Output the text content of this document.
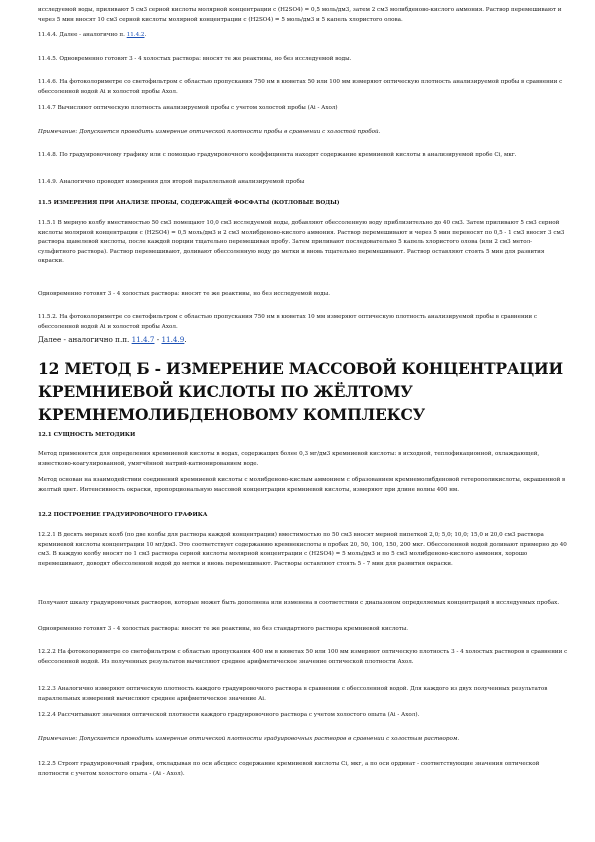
исследуемой воды, приливают 5 см3 серной кислоты молярной концентрации с (H2SO4) = 0,5 моль/дм3, затем 2 см3 молибденово-кислого аммония. Раствор перемешивают и через 5 мин вносят 10 см3 серной кислоты молярной концентрации с (H2SO4) = 5 моль/дм3 и 5 капель хлористого олова.

11.4.4. Далее - аналогично п. 11.4.2.

11.4.5. Одновременно готовят 3 - 4 холостых раствора: вносят те же реактивы, но без исследуемой воды.

11.4.6. На фотоколориметре со светофильтром с областью пропускания 750 нм в кюветах 50 или 100 мм измеряют оптическую плотность анализируемой пробы в сравнении с обессоленной водой Ai и холостой пробы Ахол.

11.4.7 Вычисляют оптическую плотность анализируемой пробы с учетом холостой пробы (Ai - Ахол)

Примечание: Допускается проводить измерение оптической плотности пробы в сравнении с холостой пробой.

11.4.8. По градуировочному графику или с помощью градуировочного коэффициента находят содержание кремниевой кислоты в анализируемой пробе Ci, мкг.

11.4.9. Аналогично проводят измерения для второй параллельной анализируемой пробы

11.5 ИЗМЕРЕНИЯ ПРИ АНАЛИЗЕ ПРОБЫ, СОДЕРЖАЩЕЙ ФОСФАТЫ (КОТЛОВЫЕ ВОДЫ)

11.5.1 В мерную колбу вместимостью 50 см3 помещают 10,0 см3 исследуемой воды, добавляют обессоленную воду приблизительно до 40 см3. Затем приливают 5 см3 серной кислоты молярной концентрации с (H2SO4) = 0,5 моль/дм3 и 2 см3 молибденово-кислого аммония. Раствор перемешивают и через 5 мин переносят по 0,5 - 1 см3 вносят 3 см3 раствора щавелевой кислоты, после каждой порции тщательно перемешивая пробу. Затем приливают последовательно 5 капель хлористого олова (или 2 см3 метол-сульфитного раствора). Раствор перемешивают, доливают обессоленную воду до метки и вновь тщательно перемешивают. Раствор оставляют стоять 5 мин для развития окраски.

Одновременно готовят 3 - 4 холостых раствора: вносят те же реактивы, но без исследуемой воды.

11.5.2. На фотоколориметре со светофильтром с областью пропускания 750 нм в кюветах 10 мм измеряют оптическую плотность анализируемой пробы в сравнении с обессоленной водой Ai и холостой пробы Ахол.

Далее - аналогично п.п. 11.4.7 - 11.4.9.

12 МЕТОД Б - ИЗМЕРЕНИЕ МАССОВОЙ КОНЦЕНТРАЦИИ КРЕМНИЕВОЙ КИСЛОТЫ ПО ЖЁЛТОМУ КРЕМНЕМОЛИБДЕНОВОМУ КОМПЛЕКСУ

12.1 СУЩНОСТЬ МЕТОДИКИ

Метод применяется для определения кремниевой кислоты в водах, содержащих более 0,3 мг/дм3 кремниевой кислоты: в исходной, теплофикационной, охлаждающей, известково-коагулированной, умягчённой натрий-катионированием воде.

Метод основан на взаимодействии соединений кремниевой кислоты с молибденово-кислым аммонием с образованием кремнемолибденовой гетерополикислоты, окрашенной в желтый цвет. Интенсивность окраски, пропорциональную массовой концентрации кремниевой кислоты, измеряют при длине волны 400 нм.

12.2 ПОСТРОЕНИЕ ГРАДУИРОВОЧНОГО ГРАФИКА

12.2.1 В десять мерных колб (по две колбы для раствора каждой концентрации) вместимостью по 50 см3 вносят мерной пипеткой 2,0; 5,0; 10,0; 15,0 и 20,0 см3 раствора кремниевой кислоты концентрации 10 мг/дм3. Это соответствует содержанию кремнекислоты в пробах 20, 50, 100, 150, 200 мкг. Обессоленной водой доливают примерно до 40 см3. В каждую колбу вносят по 1 см3 раствора серной кислоты молярной концентрации с (H2SO4) = 5 моль/дм3 и по 5 см3 молибденово-кислого аммония, хорошо перемешивают, доводят обессоленной водой до метки и вновь перемешивают. Растворы оставляют стоять 5 - 7 мин для развития окраски.

Получают шкалу градуировочных растворов, которые может быть дополнена или изменена в соответствии с диапазоном определяемых концентраций в исследуемых пробах.

Одновременно готовят 3 - 4 холостых раствора: вносят те же реактивы, но без стандартного раствора кремниевой кислоты.

12.2.2 На фотоколориметре со светофильтром с областью пропускания 400 нм в кюветах 50 или 100 мм измеряют оптическую плотность 3 - 4 холостых растворов в сравнении с обессоленной водой. Из полученных результатов вычисляют среднее арифметическое значение оптической плотности Ахол.

12.2.3 Аналогично измеряют оптическую плотность каждого градуировочного раствора в сравнении с обессоленной водой. Для каждого из двух полученных результатов параллельных измерений вычисляют среднее арифметическое значение Ai.

12.2.4 Рассчитывают значения оптической плотности каждого градуировочного раствора с учетом холостого опыта (Ai - Ахол).

Примечание: Допускается проводить измерение оптической плотности градуировочных растворов в сравнении с холостым раствором.

12.2.5 Строят градуировочный график, откладывая по оси абсцисс содержание кремниевой кислоты Ci, мкг, а по оси ординат - соответствующие значения оптической плотности с учетом холостого опыта - (Ai - Ахол).
